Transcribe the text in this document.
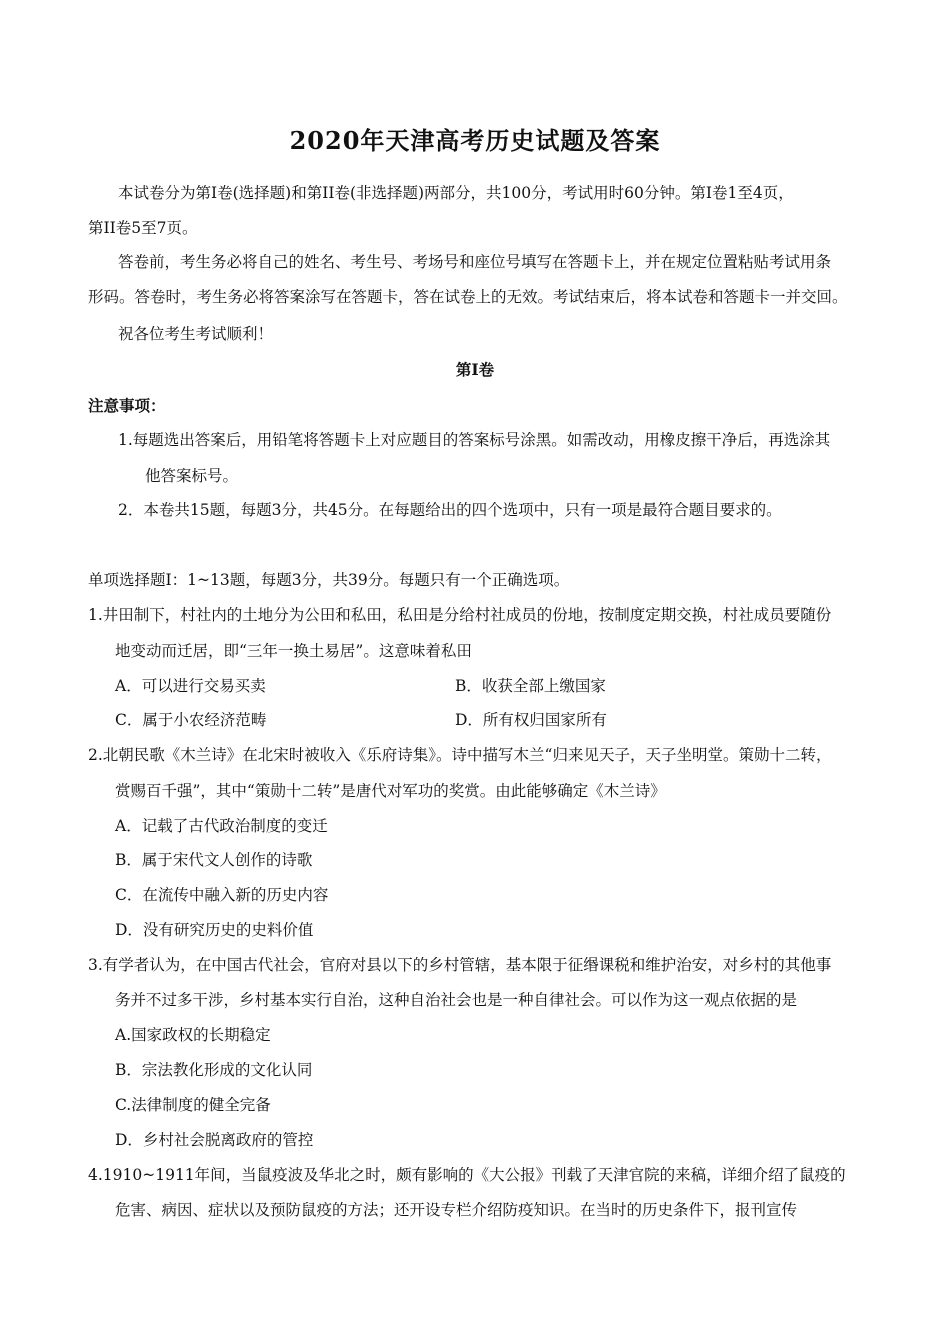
2020年天津高考历史试题及答案
本试卷分为第I卷(选择题)和第II卷(非选择题)两部分，共100分，考试用时60分钟。第I卷1至4页，
第II卷5至7页。
答卷前，考生务必将自己的姓名、考生号、考场号和座位号填写在答题卡上，并在规定位置粘贴考试用条
形码。答卷时，考生务必将答案涂写在答题卡，答在试卷上的无效。考试结束后，将本试卷和答题卡一并交回。
祝各位考生考试顺利！
第I卷
注意事项：
1.每题选出答案后，用铅笔将答题卡上对应题目的答案标号涂黑。如需改动，用橡皮擦干净后，再选涂其
他答案标号。
2．本卷共15题，每题3分，共45分。在每题给出的四个选项中，只有一项是最符合题目要求的。
单项选择题I：1~13题，每题3分，共39分。每题只有一个正确选项。
1.井田制下，村社内的土地分为公田和私田，私田是分给村社成员的份地，按制度定期交换，村社成员要随份
地变动而迁居，即“三年一换土易居”。这意味着私田
A．可以进行交易买卖	B．收获全部上缴国家
C．属于小农经济范畴	D．所有权归国家所有
2.北朝民歌《木兰诗》在北宋时被收入《乐府诗集》。诗中描写木兰“归来见天子，天子坐明堂。策勋十二转，
赏赐百千强”，其中“策勋十二转”是唐代对军功的奖赏。由此能够确定《木兰诗》
A．记载了古代政治制度的变迁
B．属于宋代文人创作的诗歌
C．在流传中融入新的历史内容
D．没有研究历史的史料价值
3.有学者认为，在中国古代社会，官府对县以下的乡村管辖，基本限于征缗课税和维护治安，对乡村的其他事
务并不过多干涉，乡村基本实行自治，这种自治社会也是一种自律社会。可以作为这一观点依据的是
A.国家政权的长期稳定
B．宗法教化形成的文化认同
C.法律制度的健全完备
D．乡村社会脱离政府的管控
4.1910~1911年间，当鼠疫波及华北之时，颇有影响的《大公报》刊载了天津官院的来稿，详细介绍了鼠疫的
危害、病因、症状以及预防鼠疫的方法；还开设专栏介绍防疫知识。在当时的历史条件下，报刊宣传
